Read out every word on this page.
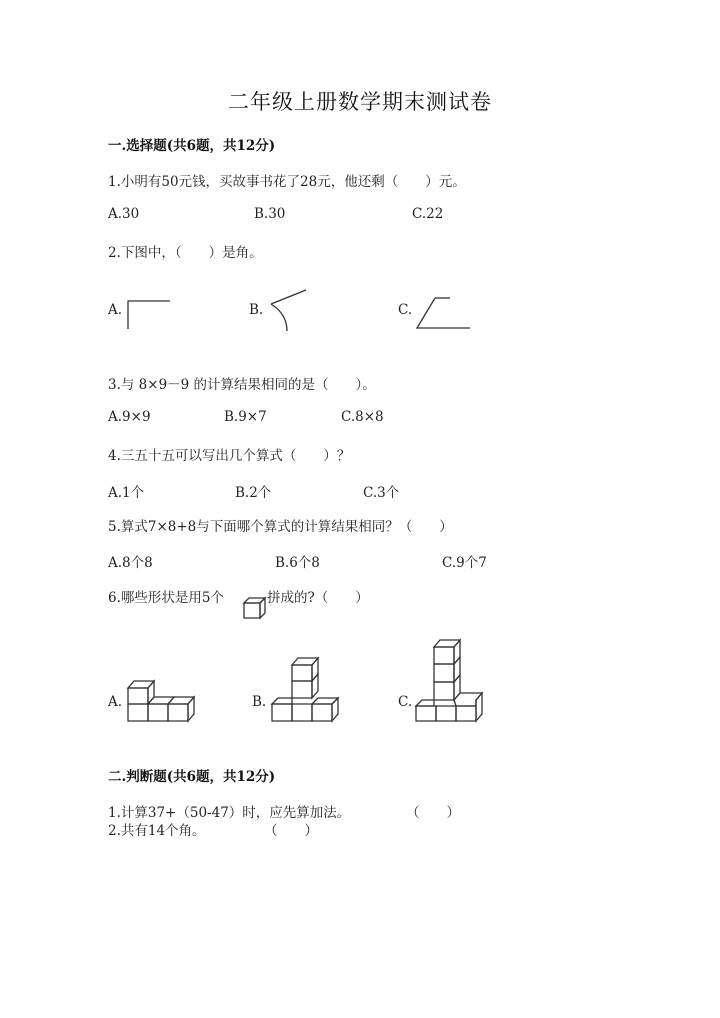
二年级上册数学期末测试卷
一.选择题(共6题，共12分)
1.小明有50元钱，买故事书花了28元，他还剩（　　）元。
A.30	B.30	C.22
2.下图中，（　　）是角。
A.	B.	C.
3.与 8×9－9 的计算结果相同的是（　　）。
A.9×9	B.9×7	C.8×8
4.三五十五可以写出几个算式（　　）？
A.1个	B.2个	C.3个
5.算式7×8+8与下面哪个算式的计算结果相同？（　　）
A.8个8	B.6个8	C.9个7
6.哪些形状是用5个	拼成的?（　　）
A.	B.	C.
二.判断题(共6题，共12分)
1.计算37+（50-47）时，应先算加法。	（　　）
2.共有14个角。	（　　）
